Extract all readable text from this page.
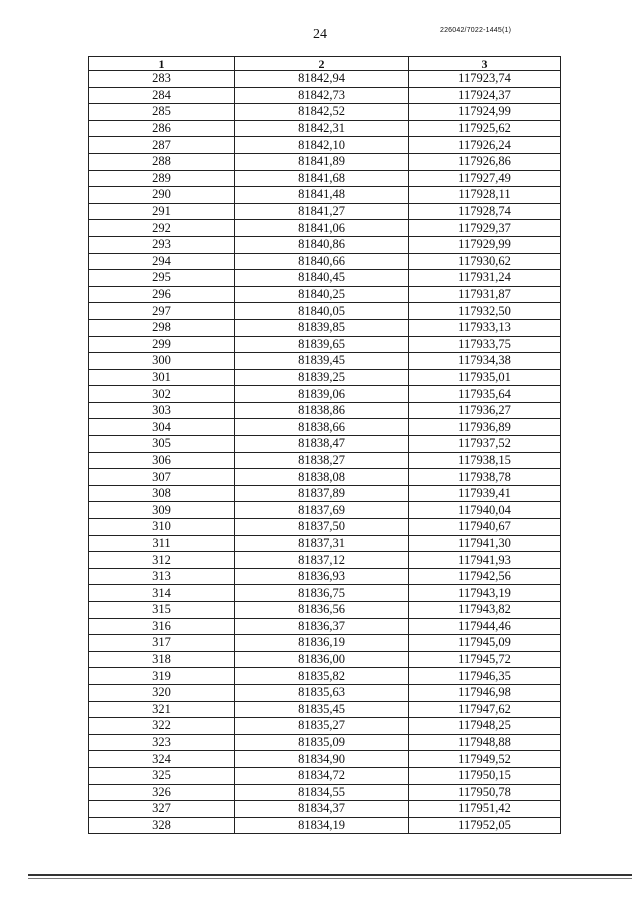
24	226042/7022-1445(1)
1	2	3
283	81842,94	117923,74
284	81842,73	117924,37
285	81842,52	117924,99
286	81842,31	117925,62
287	81842,10	117926,24
288	81841,89	117926,86
289	81841,68	117927,49
290	81841,48	117928,11
291	81841,27	117928,74
292	81841,06	117929,37
293	81840,86	117929,99
294	81840,66	117930,62
295	81840,45	117931,24
296	81840,25	117931,87
297	81840,05	117932,50
298	81839,85	117933,13
299	81839,65	117933,75
300	81839,45	117934,38
301	81839,25	117935,01
302	81839,06	117935,64
303	81838,86	117936,27
304	81838,66	117936,89
305	81838,47	117937,52
306	81838,27	117938,15
307	81838,08	117938,78
308	81837,89	117939,41
309	81837,69	117940,04
310	81837,50	117940,67
311	81837,31	117941,30
312	81837,12	117941,93
313	81836,93	117942,56
314	81836,75	117943,19
315	81836,56	117943,82
316	81836,37	117944,46
317	81836,19	117945,09
318	81836,00	117945,72
319	81835,82	117946,35
320	81835,63	117946,98
321	81835,45	117947,62
322	81835,27	117948,25
323	81835,09	117948,88
324	81834,90	117949,52
325	81834,72	117950,15
326	81834,55	117950,78
327	81834,37	117951,42
328	81834,19	117952,05
